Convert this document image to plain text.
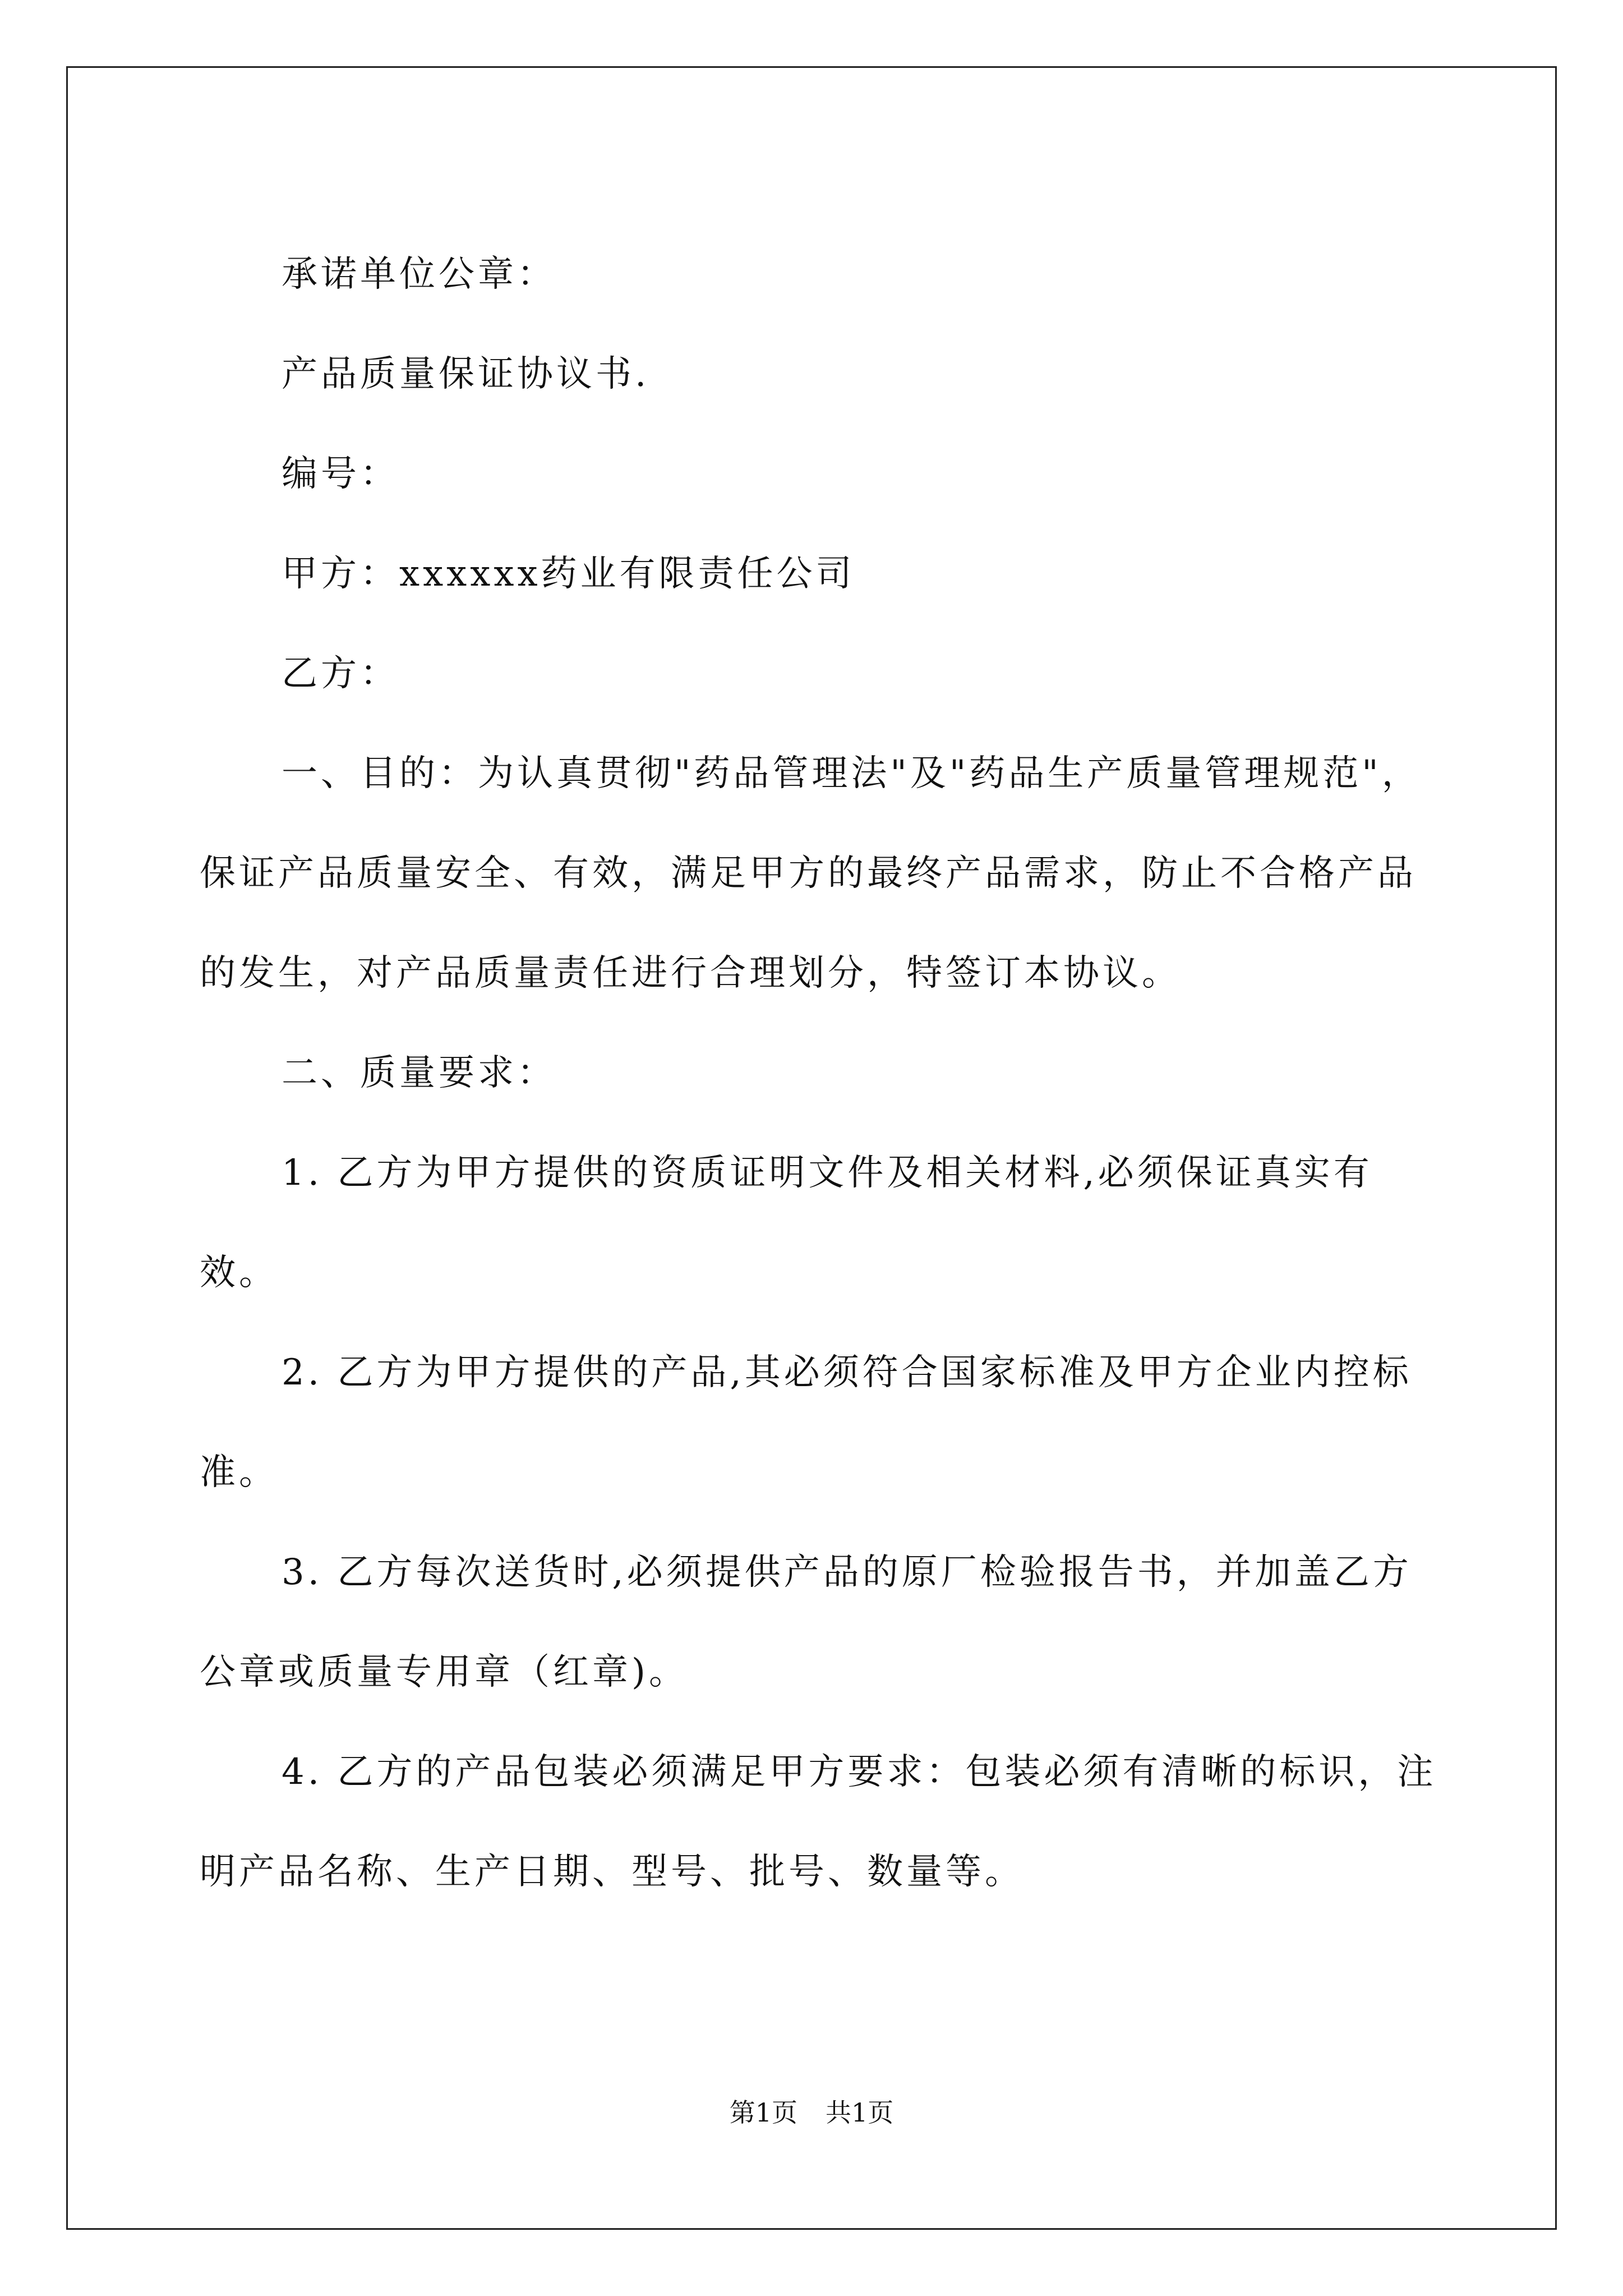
承诺单位公章：

产品质量保证协议书.

编号：

甲方：xxxxxx药业有限责任公司

乙方：

一、目的：为认真贯彻"药品管理法"及"药品生产质量管理规范"，保证产品质量安全、有效，满足甲方的最终产品需求，防止不合格产品的发生，对产品质量责任进行合理划分，特签订本协议。

二、质量要求：

1. 乙方为甲方提供的资质证明文件及相关材料,必须保证真实有效。

2. 乙方为甲方提供的产品,其必须符合国家标准及甲方企业内控标准。

3. 乙方每次送货时,必须提供产品的原厂检验报告书，并加盖乙方公章或质量专用章（红章)。

4. 乙方的产品包装必须满足甲方要求：包装必须有清晰的标识，注明产品名称、生产日期、型号、批号、数量等。

第1页 共1页
